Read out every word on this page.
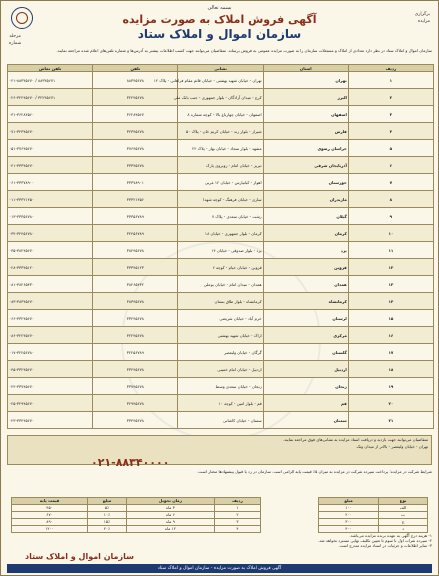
برگزاری
مزایده
مرحله
شماره
بسمه تعالی
آگهی فروش املاک به صورت مزایده
سازمان اموال و املاک ستاد
سازمان اموال و املاک ستاد در نظر دارد تعدادی از املاک و مستغلات سازمان را به صورت مزایده عمومی به فروش برساند. متقاضیان می‌توانند جهت کسب اطلاعات بیشتر به آدرس‌ها و شماره تلفن‌های اعلام شده مراجعه نمایند.
ردیف	استان	نشانی	تلفن	تلفن تماس
۱	تهران	تهران - خیابان شهید بهشتی - خیابان قائم مقام فراهانی - پلاک ۱۲	۸۸۳۴۵۶۷۸	۰۲۱-۸۸۳۴۵۶۷۰ / ۸۸۳۴۵۶۷۱
۲	البرز	کرج - میدان آزادگان - بلوار جمهوری - جنب بانک ملی	۳۲۲۴۵۶۷۸	۰۲۶-۳۲۲۴۵۶۷۰ / ۳۲۲۴۵۶۷۱
۳	اصفهان	اصفهان - خیابان چهارباغ بالا - کوچه شماره ۸	۳۶۲۸۴۵۶۷	۰۳۱-۳۶۲۸۴۵۶۰
۴	فارس	شیراز - بلوار زند - خیابان کریم خان - پلاک ۵۰	۳۲۳۴۵۶۷۸	۰۷۱-۳۲۳۴۵۶۷۰
۵	خراسان رضوی	مشهد - بلوار سجاد - خیابان بهار - پلاک ۲۲	۳۷۶۴۵۶۷۸	۰۵۱-۳۷۶۴۵۶۷۰
۶	آذربایجان شرقی	تبریز - خیابان امام - روبروی پارک	۳۳۳۴۵۶۷۸	۰۴۱-۳۳۳۴۵۶۷۰
۷	خوزستان	اهواز - کیانپارس - خیابان ۱۲ غربی	۳۳۳۷۸۹۰۱	۰۶۱-۳۳۳۷۸۹۰۰
۸	مازندران	ساری - خیابان فرهنگ - کوچه شهدا	۳۳۳۲۱۴۵۶	۰۱۱-۳۳۳۲۱۴۵۰
۹	گیلان	رشت - خیابان سعدی - پلاک ۷	۳۳۳۵۶۷۸۹	۰۱۳-۳۳۳۵۶۷۸۰
۱۰	کرمان	کرمان - بلوار جمهوری - خیابان ۱۸	۳۲۴۵۶۷۸۹	۰۳۴-۳۲۴۵۶۷۸۰
۱۱	یزد	یزد - بلوار صدوقی - خیابان ۱۴	۳۸۲۴۵۶۷۸	۰۳۵-۳۸۲۴۵۶۷۰
۱۲	قزوین	قزوین - خیابان خیام - کوچه ۶	۳۳۳۴۵۱۲۳	۰۲۸-۳۳۳۴۵۱۲۰
۱۳	همدان	همدان - میدان امام - خیابان بوعلی	۳۸۲۶۵۴۳۲	۰۸۱-۳۸۲۶۵۴۳۰
۱۴	کرمانشاه	کرمانشاه - بلوار طاق بستان	۳۸۳۴۵۶۷۸	۰۸۳-۳۸۳۴۵۶۷۰
۱۵	لرستان	خرم آباد - خیابان شریعتی	۳۳۲۴۵۶۷۸	۰۶۶-۳۳۲۴۵۶۷۰
۱۶	مرکزی	اراک - خیابان شهید بهشتی	۳۲۲۴۵۶۷۸	۰۸۶-۳۲۲۴۵۶۷۰
۱۷	گلستان	گرگان - خیابان ولیعصر	۳۲۲۵۶۷۸۹	۰۱۷-۳۲۲۵۶۷۸۰
۱۸	اردبیل	اردبیل - خیابان امام خمینی	۳۳۲۴۵۶۷۸	۰۴۵-۳۳۲۴۵۶۷۰
۱۹	زنجان	زنجان - خیابان سعدی وسط	۳۳۷۴۵۶۷۸	۰۲۴-۳۳۷۴۵۶۷۰
۲۰	قم	قم - بلوار امین - کوچه ۱۰	۳۲۹۴۵۶۷۸	۰۲۵-۳۲۹۴۵۶۷۰
۲۱	سمنان	سمنان - خیابان کاشانی	۳۳۴۴۵۶۷۸	۰۲۳-۳۳۴۴۵۶۷۰
متقاضیان می‌توانند جهت بازدید و دریافت اسناد مزایده به نشانی‌های فوق مراجعه نمایند.
تهران - خیابان ولیعصر - بالاتر از میدان ونک
۰۲۱-۸۸۳۴۰۰۰۰
شرایط شرکت در مزایده: پرداخت سپرده شرکت در مزایده به میزان ۵٪ قیمت پایه الزامی است. سازمان در رد یا قبول پیشنهادها مختار است.
ردیف	زمان تحویل	مبلغ	قیمت پایه
۱	۳ ماه	۵٪	۴۵۰
۲	۶ ماه	۱۰٪	۶۷۰
۳	۹ ماه	۱۵٪	۸۹۰
۴	۱۲ ماه	۲۰٪	۱۲۰۰
نوع	مبلغ
الف	۱۰۰
ب	۲۰۰
ج	۳۰۰
د	۴۰۰
۱- هزینه درج آگهی به عهده برنده مزایده می‌باشد.
۲- سپرده نفرات اول تا سوم تا تعیین تکلیف نهایی مسترد نخواهد شد.
۳- سایر اطلاعات و جزئیات در اسناد مزایده مندرج است.
سازمان اموال و املاک ستاد
آگهی فروش املاک به صورت مزایده - سازمان اموال و املاک ستاد
